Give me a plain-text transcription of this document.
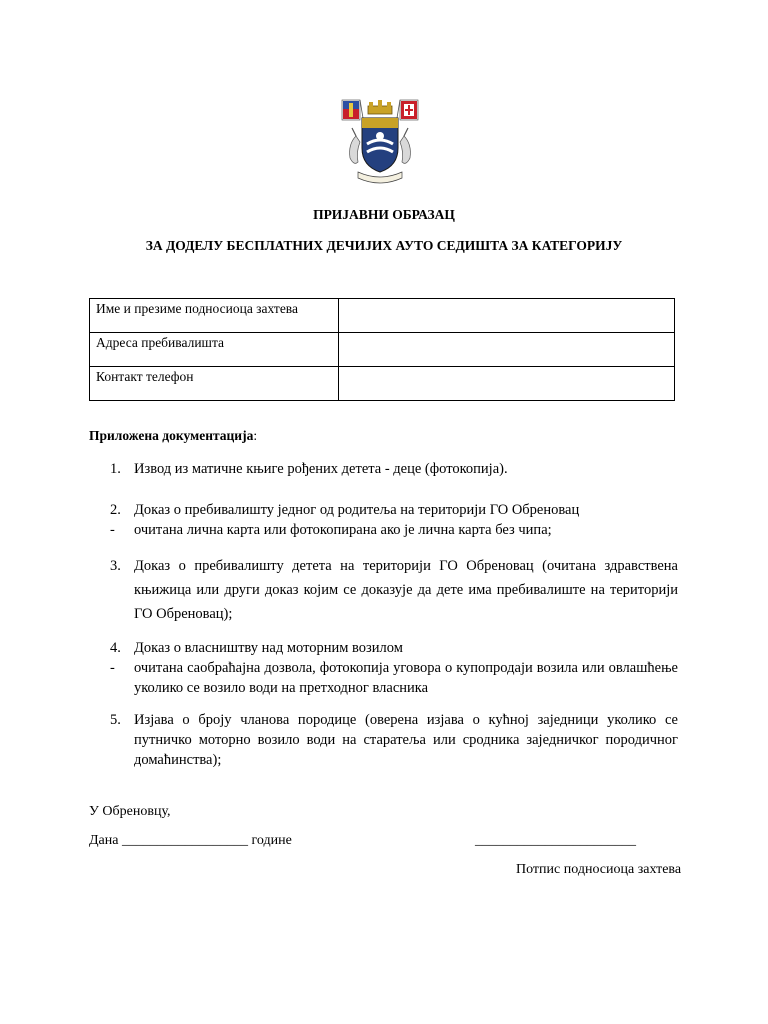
ПРИЈАВНИ ОБРАЗАЦ
ЗА ДОДЕЛУ БЕСПЛАТНИХ ДЕЧИЈИХ АУТО СЕДИШТА ЗА КАТЕГОРИЈУ
Име и презиме подносиоца захтева	
Адреса пребивалишта	
Контакт телефон	
Приложена документација:
1. Извод из матичне књиге рођених детета - деце (фотокопија).
2. Доказ о пребивалишту једног од родитеља на територији ГО Обреновац
- очитана лична карта или фотокопирана ако је лична карта без чипа;
3. Доказ о пребивалишту детета на територији ГО Обреновац (очитана здравствена књижица или други доказ којим се доказује да дете има пребивалиште на територији ГО Обреновац);
4. Доказ о власништву над моторним возилом
- очитана саобраћајна дозвола, фотокопија уговора о купопродаји возила или овлашћење уколико се возило води на претходног власника
5. Изјава о броју чланова породице (оверена изјава о кућној заједници уколико се путничко моторно возило води на старатеља или сродника заједничког породичног домаћинства);
У Обреновцу,
Дана __________________ године	_______________________
Потпис подносиоца захтева
